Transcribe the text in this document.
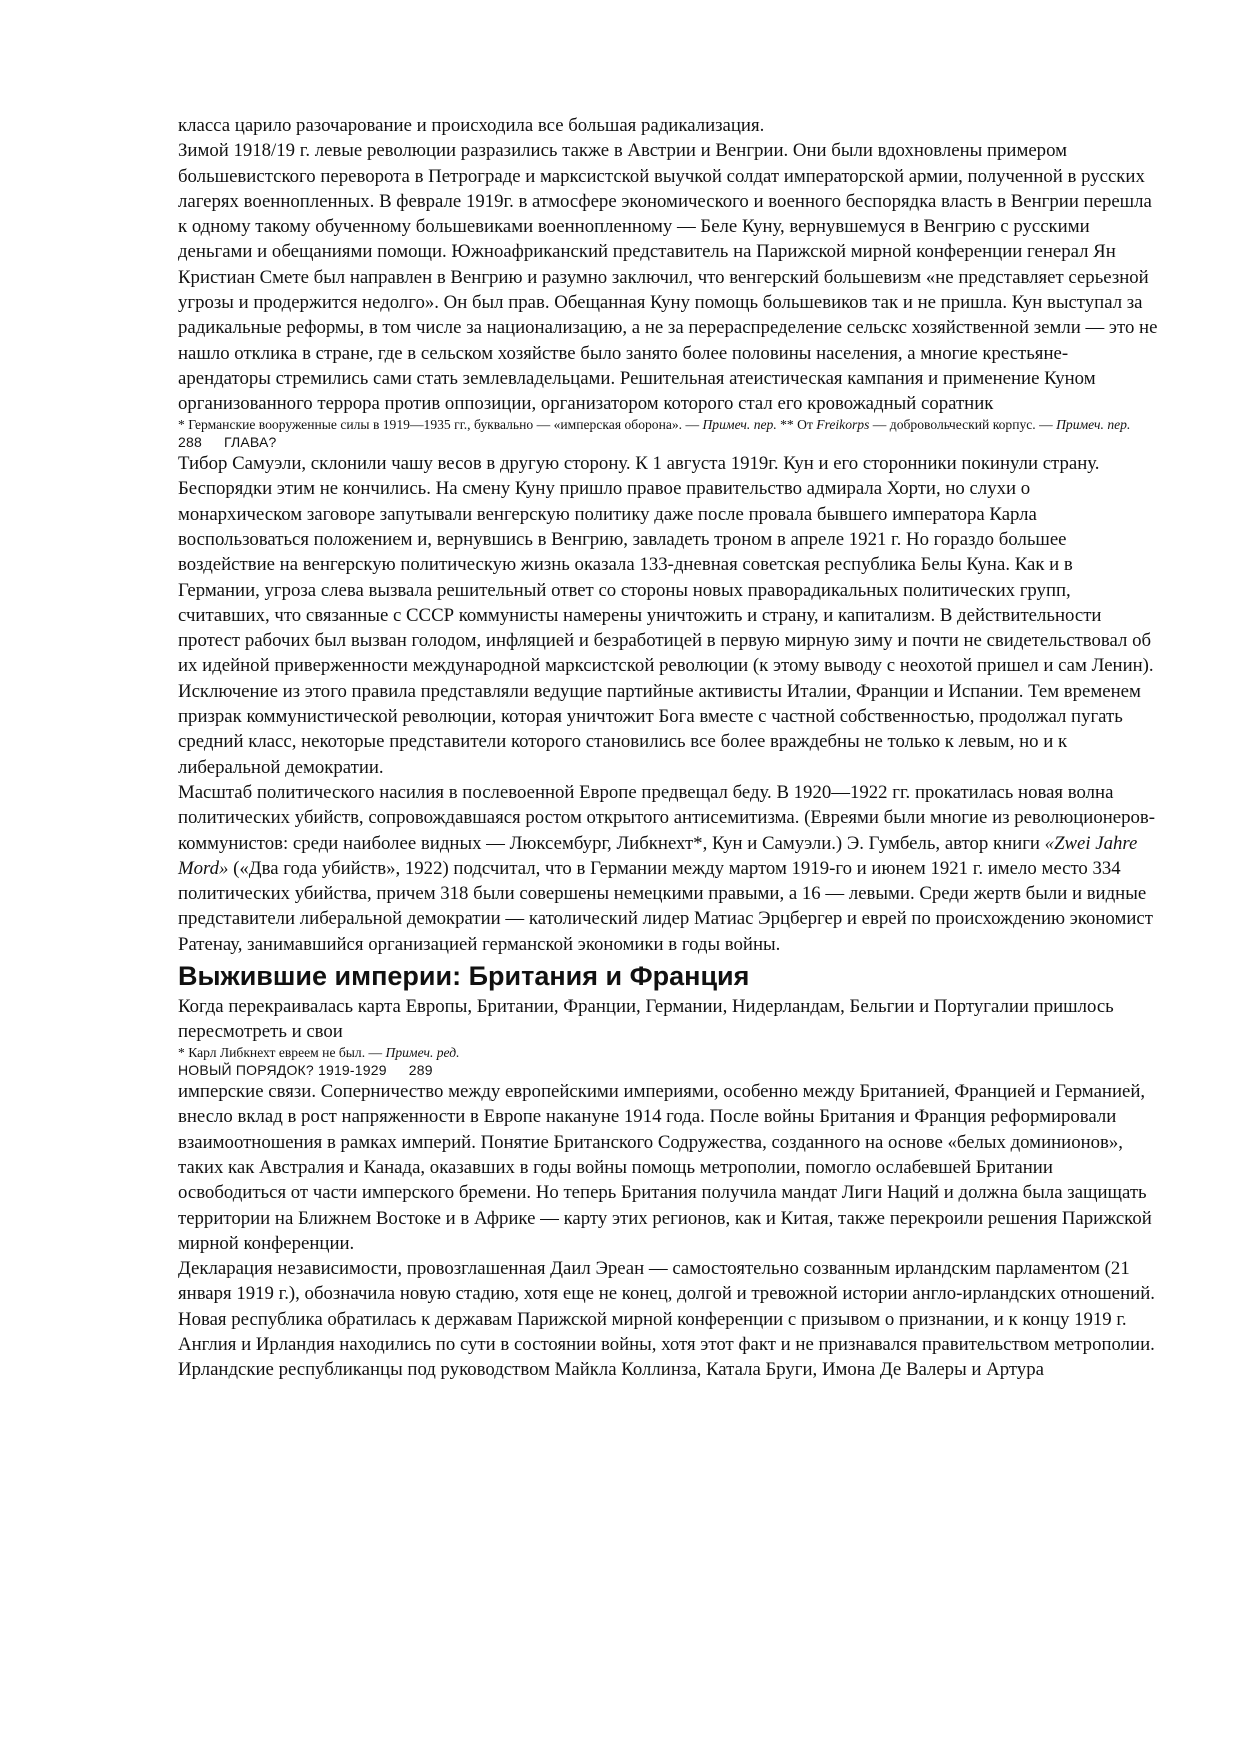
класса царило разочарование и происходила все большая радикализация.

Зимой 1918/19 г. левые революции разразились также в Австрии и Венгрии. Они были вдохновлены примером большевистского переворота в Петрограде и марксистской выучкой солдат императорской армии, полученной в русских лагерях военнопленных. В феврале 1919г. в атмосфере экономического и военного беспорядка власть в Венгрии перешла к одному такому обученному большевиками военнопленному — Беле Куну, вернувшемуся в Венгрию с русскими деньгами и обещаниями помощи. Южноафриканский представитель на Парижской мирной конференции генерал Ян Кристиан Смете был направлен в Венгрию и разумно заключил, что венгерский большевизм «не представляет серьезной угрозы и продержится недолго». Он был прав. Обещанная Куну помощь большевиков так и не пришла. Кун выступал за радикальные реформы, в том числе за национализацию, а не за перераспределение сельскс хозяйственной земли — это не нашло отклика в стране, где в сельском хозяйстве было занято более половины населения, а многие крестьяне-арендаторы стремились сами стать землевладельцами. Решительная атеистическая кампания и применение Куном организованного террора против оппозиции, организатором которого стал его кровожадный соратник

* Германские вооруженные силы в 1919—1935 гг., буквально — «имперская оборона». — Примеч. пер. ** От Freikorps — добровольческий корпус. — Примеч. пер.

288 ГЛАВА?

Тибор Самуэли, склонили чашу весов в другую сторону. К 1 августа 1919г. Кун и его сторонники покинули страну.

Беспорядки этим не кончились. На смену Куну пришло правое правительство адмирала Хорти, но слухи о монархическом заговоре запутывали венгерскую политику даже после провала бывшего императора Карла воспользоваться положением и, вернувшись в Венгрию, завладеть троном в апреле 1921 г. Но гораздо большее воздействие на венгерскую политическую жизнь оказала 133-дневная советская республика Белы Куна. Как и в Германии, угроза слева вызвала решительный ответ со стороны новых праворадикальных политических групп, считавших, что связанные с СССР коммунисты намерены уничтожить и страну, и капитализм. В действительности протест рабочих был вызван голодом, инфляцией и безработицей в первую мирную зиму и почти не свидетельствовал об их идейной приверженности международной марксистской революции (к этому выводу с неохотой пришел и сам Ленин). Исключение из этого правила представляли ведущие партийные активисты Италии, Франции и Испании. Тем временем призрак коммунистической революции, которая уничтожит Бога вместе с частной собственностью, продолжал пугать средний класс, некоторые представители которого становились все более враждебны не только к левым, но и к либеральной демократии.

Масштаб политического насилия в послевоенной Европе предвещал беду. В 1920—1922 гг. прокатилась новая волна политических убийств, сопровождавшаяся ростом открытого антисемитизма. (Евреями были многие из революционеров-коммунистов: среди наиболее видных — Люксембург, Либкнехт*, Кун и Самуэли.) Э. Гумбель, автор книги «Zwei Jahre Mord» («Два года убийств», 1922) подсчитал, что в Германии между мартом 1919-го и июнем 1921 г. имело место 334 политических убийства, причем 318 были совершены немецкими правыми, а 16 — левыми. Среди жертв были и видные представители либеральной демократии — католический лидер Матиас Эрцбергер и еврей по происхождению экономист Ратенау, занимавшийся организацией германской экономики в годы войны.

Выжившие империи: Британия и Франция

Когда перекраивалась карта Европы, Британии, Франции, Германии, Нидерландам, Бельгии и Португалии пришлось пересмотреть и свои

* Карл Либкнехт евреем не был. — Примеч. ред.

НОВЫЙ ПОРЯДОК? 1919-1929 289

имперские связи. Соперничество между европейскими империями, особенно между Британией, Францией и Германией, внесло вклад в рост напряженности в Европе накануне 1914 года. После войны Британия и Франция реформировали взаимоотношения в рамках империй. Понятие Британского Содружества, созданного на основе «белых доминионов», таких как Австралия и Канада, оказавших в годы войны помощь метрополии, помогло ослабевшей Британии освободиться от части имперского бремени. Но теперь Британия получила мандат Лиги Наций и должна была защищать территории на Ближнем Востоке и в Африке — карту этих регионов, как и Китая, также перекроили решения Парижской мирной конференции.

Декларация независимости, провозглашенная Даил Эреан — самостоятельно созванным ирландским парламентом (21 января 1919 г.), обозначила новую стадию, хотя еще не конец, долгой и тревожной истории англо-ирландских отношений. Новая республика обратилась к державам Парижской мирной конференции с призывом о признании, и к концу 1919 г. Англия и Ирландия находились по сути в состоянии войны, хотя этот факт и не признавался правительством метрополии. Ирландские республиканцы под руководством Майкла Коллинза, Катала Бруги, Имона Де Валеры и Артура
